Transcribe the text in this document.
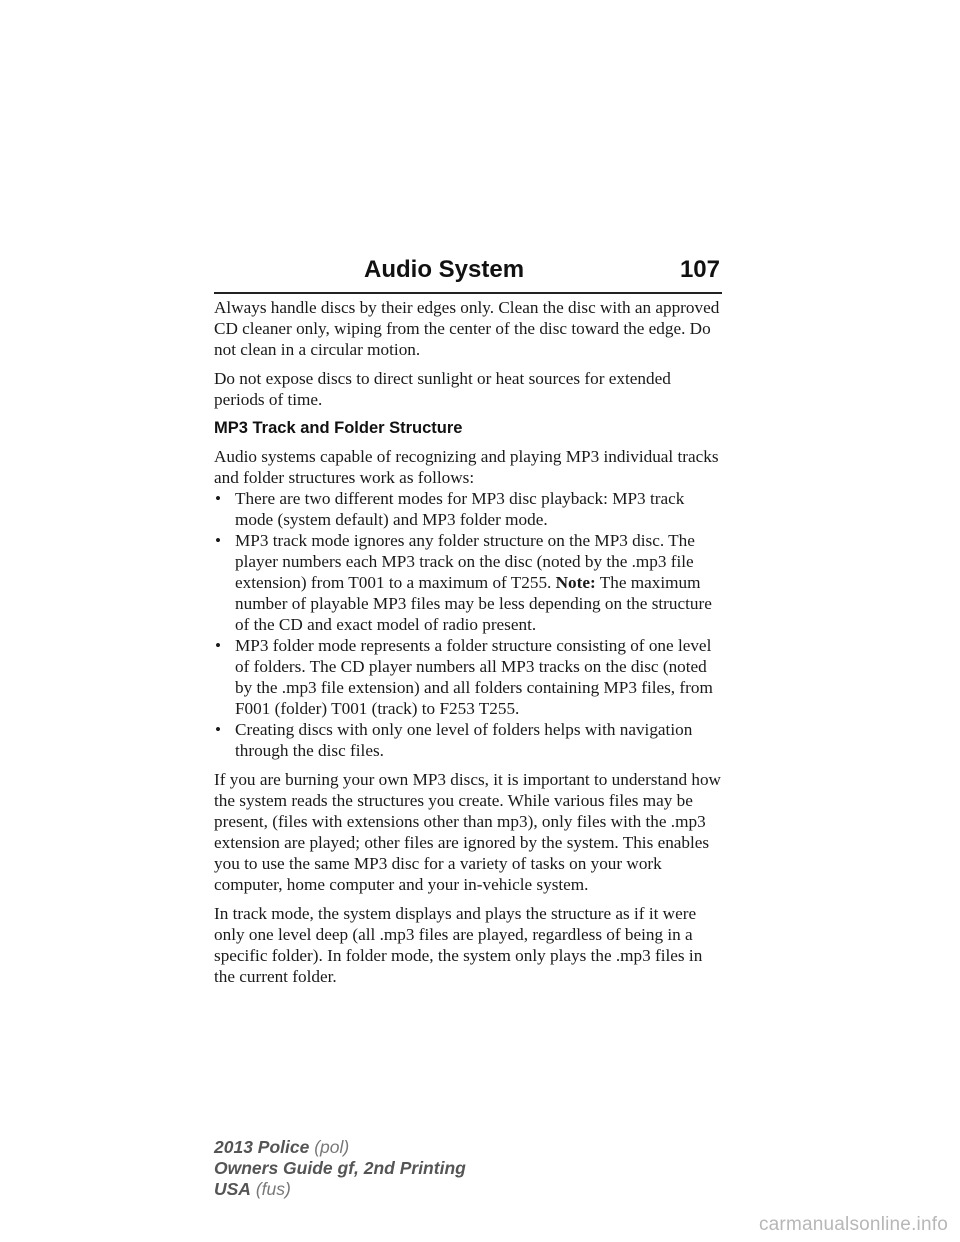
Audio System	107

Always handle discs by their edges only. Clean the disc with an approved CD cleaner only, wiping from the center of the disc toward the edge. Do not clean in a circular motion.

Do not expose discs to direct sunlight or heat sources for extended periods of time.

MP3 Track and Folder Structure

Audio systems capable of recognizing and playing MP3 individual tracks and folder structures work as follows:

• There are two different modes for MP3 disc playback: MP3 track mode (system default) and MP3 folder mode.
• MP3 track mode ignores any folder structure on the MP3 disc. The player numbers each MP3 track on the disc (noted by the .mp3 file extension) from T001 to a maximum of T255. Note: The maximum number of playable MP3 files may be less depending on the structure of the CD and exact model of radio present.
• MP3 folder mode represents a folder structure consisting of one level of folders. The CD player numbers all MP3 tracks on the disc (noted by the .mp3 file extension) and all folders containing MP3 files, from F001 (folder) T001 (track) to F253 T255.
• Creating discs with only one level of folders helps with navigation through the disc files.

If you are burning your own MP3 discs, it is important to understand how the system reads the structures you create. While various files may be present, (files with extensions other than mp3), only files with the .mp3 extension are played; other files are ignored by the system. This enables you to use the same MP3 disc for a variety of tasks on your work computer, home computer and your in-vehicle system.

In track mode, the system displays and plays the structure as if it were only one level deep (all .mp3 files are played, regardless of being in a specific folder). In folder mode, the system only plays the .mp3 files in the current folder.

2013 Police (pol)
Owners Guide gf, 2nd Printing
USA (fus)
carmanualsonline.info
